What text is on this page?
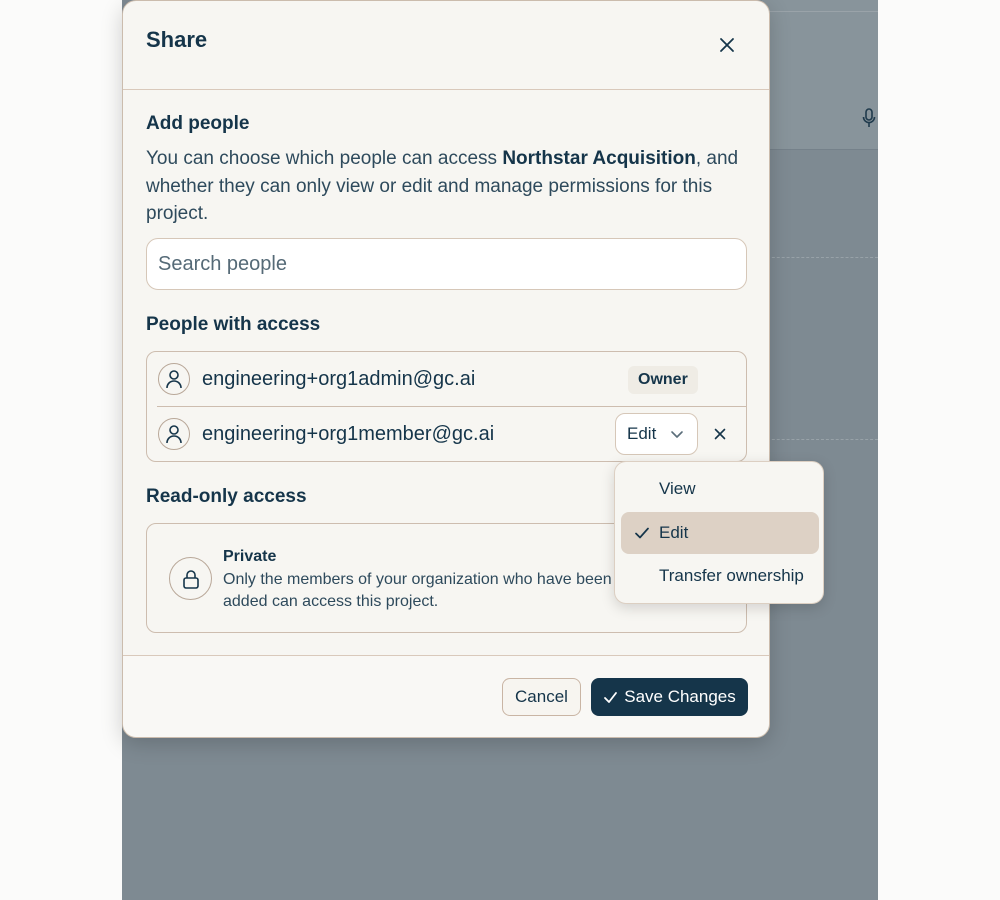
Share
Add people
You can choose which people can access Northstar Acquisition, and whether they can only view or edit and manage permissions for this project.
Search people
People with access
engineering+org1admin@gc.ai	Owner
engineering+org1member@gc.ai	Edit
Read-only access
Private
Only the members of your organization who have been added can access this project.
Cancel	Save Changes
View
Edit
Transfer ownership
